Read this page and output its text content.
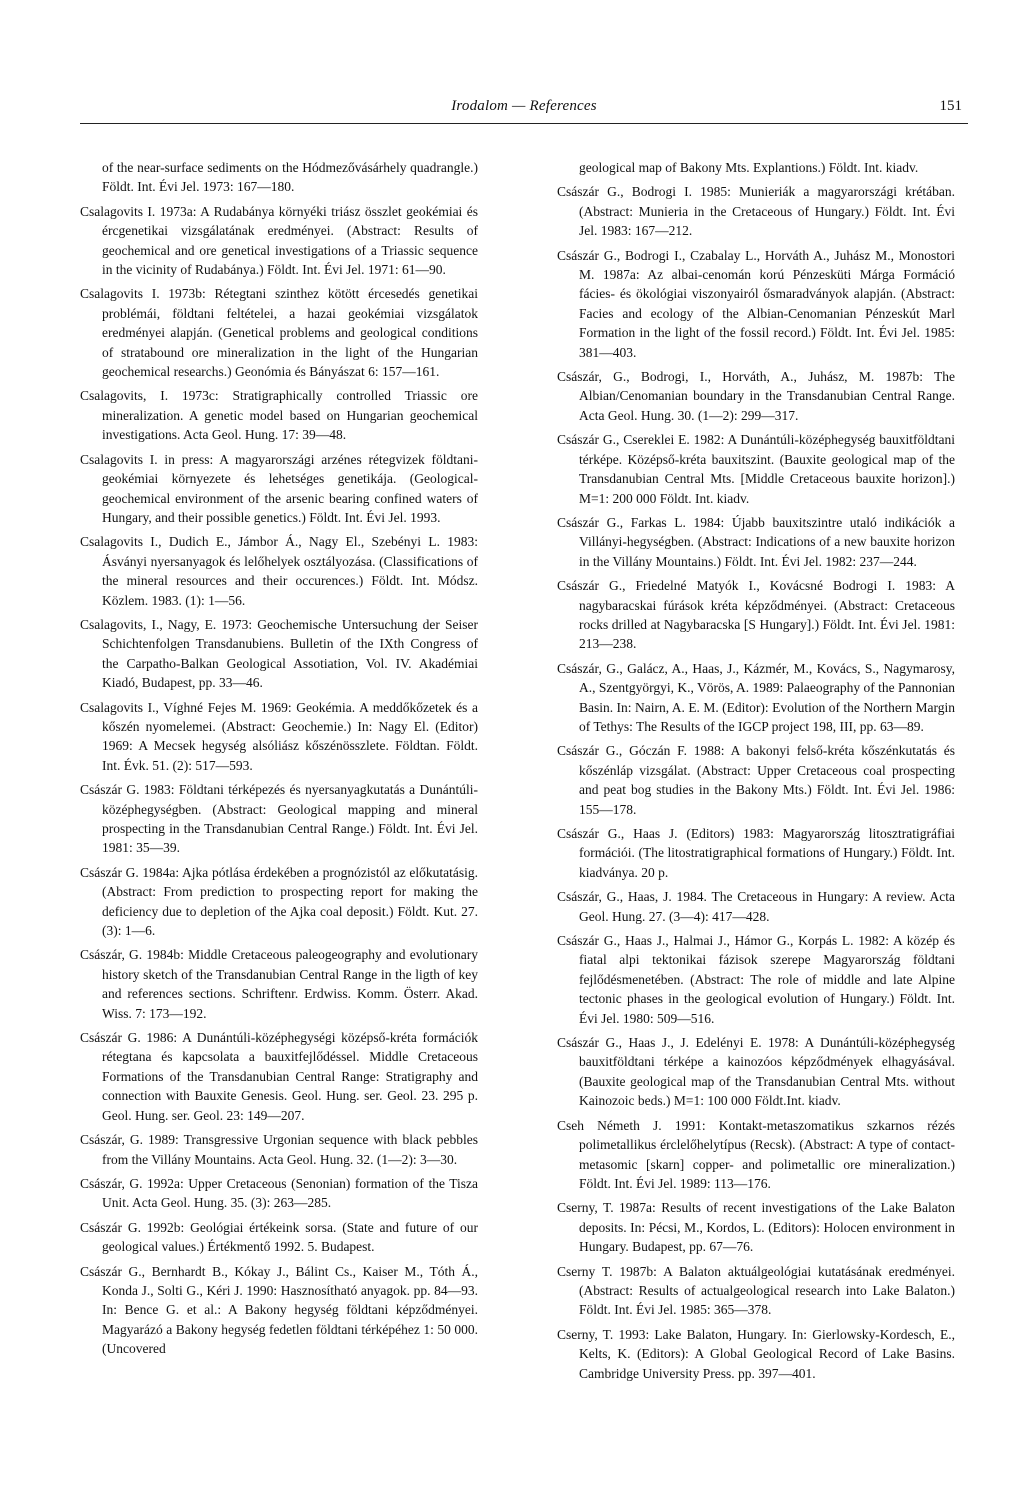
Irodalom — References	151

of the near-surface sediments on the Hódmezővásárhely quadrangle.) Földt. Int. Évi Jel. 1973: 167—180.

Csalagovits I. 1973a: A Rudabánya környéki triász összlet geokémiai és ércgenetikai vizsgálatának eredményei. (Abstract: Results of geochemical and ore genetical investigations of a Triassic sequence in the vicinity of Rudabánya.) Földt. Int. Évi Jel. 1971: 61—90.

Csalagovits I. 1973b: Rétegtani szinthez kötött ércesedés genetikai problémái, földtani feltételei, a hazai geokémiai vizsgálatok eredményei alapján. (Genetical problems and geological conditions of stratabound ore mineralization in the light of the Hungarian geochemical researchs.) Geonómia és Bányászat 6: 157—161.

Csalagovits, I. 1973c: Stratigraphically controlled Triassic ore mineralization. A genetic model based on Hungarian geochemical investigations. Acta Geol. Hung. 17: 39—48.

Csalagovits I. in press: A magyarországi arzénes rétegvizek földtani-geokémiai környezete és lehetséges genetikája. (Geological-geochemical environment of the arsenic bearing confined waters of Hungary, and their possible genetics.) Földt. Int. Évi Jel. 1993.

Csalagovits I., Dudich E., Jámbor Á., Nagy El., Szebényi L. 1983: Ásványi nyersanyagok és lelőhelyek osztályozása. (Classifications of the mineral resources and their occurences.) Földt. Int. Módsz. Közlem. 1983. (1): 1—56.

Csalagovits, I., Nagy, E. 1973: Geochemische Untersuchung der Seiser Schichtenfolgen Transdanubiens. Bulletin of the IXth Congress of the Carpatho-Balkan Geological Assotiation, Vol. IV. Akadémiai Kiadó, Budapest, pp. 33—46.

Csalagovits I., Víghné Fejes M. 1969: Geokémia. A meddőkőzetek és a kőszén nyomelemei. (Abstract: Geochemie.) In: Nagy El. (Editor) 1969: A Mecsek hegység alsóliász kőszénösszlete. Földtan. Földt. Int. Évk. 51. (2): 517—593.

Császár G. 1983: Földtani térképezés és nyersanyagkutatás a Dunántúli-középhegységben. (Abstract: Geological mapping and mineral prospecting in the Transdanubian Central Range.) Földt. Int. Évi Jel. 1981: 35—39.

Császár G. 1984a: Ajka pótlása érdekében a prognózistól az előkutatásig. (Abstract: From prediction to prospecting report for making the deficiency due to depletion of the Ajka coal deposit.) Földt. Kut. 27. (3): 1—6.

Császár, G. 1984b: Middle Cretaceous paleogeography and evolutionary history sketch of the Transdanubian Central Range in the ligth of key and references sections. Schriftenr. Erdwiss. Komm. Österr. Akad. Wiss. 7: 173—192.

Császár G. 1986: A Dunántúli-középhegységi középső-kréta formációk rétegtana és kapcsolata a bauxitfejlődéssel. Middle Cretaceous Formations of the Transdanubian Central Range: Stratigraphy and connection with Bauxite Genesis. Geol. Hung. ser. Geol. 23. 295 p. Geol. Hung. ser. Geol. 23: 149—207.

Császár, G. 1989: Transgressive Urgonian sequence with black pebbles from the Villány Mountains. Acta Geol. Hung. 32. (1—2): 3—30.

Császár, G. 1992a: Upper Cretaceous (Senonian) formation of the Tisza Unit. Acta Geol. Hung. 35. (3): 263—285.

Császár G. 1992b: Geológiai értékeink sorsa. (State and future of our geological values.) Értékmentő 1992. 5. Budapest.

Császár G., Bernhardt B., Kókay J., Bálint Cs., Kaiser M., Tóth Á., Konda J., Solti G., Kéri J. 1990: Hasznosítható anyagok. pp. 84—93. In: Bence G. et al.: A Bakony hegység földtani képződményei. Magyarázó a Bakony hegység fedetlen földtani térképéhez 1: 50 000. (Uncovered

geological map of Bakony Mts. Explantions.) Földt. Int. kiadv.

Császár G., Bodrogi I. 1985: Munieriák a magyarországi krétában. (Abstract: Munieria in the Cretaceous of Hungary.) Földt. Int. Évi Jel. 1983: 167—212.

Császár G., Bodrogi I., Czabalay L., Horváth A., Juhász M., Monostori M. 1987a: Az albai-cenomán korú Pénzesküti Márga Formáció fácies- és ökológiai viszonyairól ősmaradványok alapján. (Abstract: Facies and ecology of the Albian-Cenomanian Pénzeskút Marl Formation in the light of the fossil record.) Földt. Int. Évi Jel. 1985: 381—403.

Császár, G., Bodrogi, I., Horváth, A., Juhász, M. 1987b: The Albian/Cenomanian boundary in the Transdanubian Central Range. Acta Geol. Hung. 30. (1—2): 299—317.

Császár G., Csereklei E. 1982: A Dunántúli-középhegység bauxitföldtani térképe. Középső-kréta bauxitszint. (Bauxite geological map of the Transdanubian Central Mts. [Middle Cretaceous bauxite horizon].) M=1: 200 000 Földt. Int. kiadv.

Császár G., Farkas L. 1984: Újabb bauxitszintre utaló indikációk a Villányi-hegységben. (Abstract: Indications of a new bauxite horizon in the Villány Mountains.) Földt. Int. Évi Jel. 1982: 237—244.

Császár G., Friedelné Matyók I., Kovácsné Bodrogi I. 1983: A nagybaracskai fúrások kréta képződményei. (Abstract: Cretaceous rocks drilled at Nagybaracska [S Hungary].) Földt. Int. Évi Jel. 1981: 213—238.

Császár, G., Galácz, A., Haas, J., Kázmér, M., Kovács, S., Nagymarosy, A., Szentgyörgyi, K., Vörös, A. 1989: Palaeography of the Pannonian Basin. In: Nairn, A. E. M. (Editor): Evolution of the Northern Margin of Tethys: The Results of the IGCP project 198, III, pp. 63—89.

Császár G., Góczán F. 1988: A bakonyi felső-kréta kőszénkutatás és kőszénláp vizsgálat. (Abstract: Upper Cretaceous coal prospecting and peat bog studies in the Bakony Mts.) Földt. Int. Évi Jel. 1986: 155—178.

Császár G., Haas J. (Editors) 1983: Magyarország litosztratigráfiai formációi. (The litostratigraphical formations of Hungary.) Földt. Int. kiadványa. 20 p.

Császár, G., Haas, J. 1984. The Cretaceous in Hungary: A review. Acta Geol. Hung. 27. (3—4): 417—428.

Császár G., Haas J., Halmai J., Hámor G., Korpás L. 1982: A közép és fiatal alpi tektonikai fázisok szerepe Magyarország földtani fejlődésmenetében. (Abstract: The role of middle and late Alpine tectonic phases in the geological evolution of Hungary.) Földt. Int. Évi Jel. 1980: 509—516.

Császár G., Haas J., J. Edelényi E. 1978: A Dunántúli-középhegység bauxitföldtani térképe a kainozóos képződmények elhagyásával. (Bauxite geological map of the Transdanubian Central Mts. without Kainozoic beds.) M=1: 100 000 Földt.Int. kiadv.

Cseh Németh J. 1991: Kontakt-metaszomatikus szkarnos rézés polimetallikus érclelőhelytípus (Recsk). (Abstract: A type of contact-metasomic [skarn] copper- and polimetallic ore mineralization.) Földt. Int. Évi Jel. 1989: 113—176.

Cserny, T. 1987a: Results of recent investigations of the Lake Balaton deposits. In: Pécsi, M., Kordos, L. (Editors): Holocen environment in Hungary. Budapest, pp. 67—76.

Cserny T. 1987b: A Balaton aktuálgeológiai kutatásának eredményei. (Abstract: Results of actualgeological research into Lake Balaton.) Földt. Int. Évi Jel. 1985: 365—378.

Cserny, T. 1993: Lake Balaton, Hungary. In: Gierlowsky-Kordesch, E., Kelts, K. (Editors): A Global Geological Record of Lake Basins. Cambridge University Press. pp. 397—401.
